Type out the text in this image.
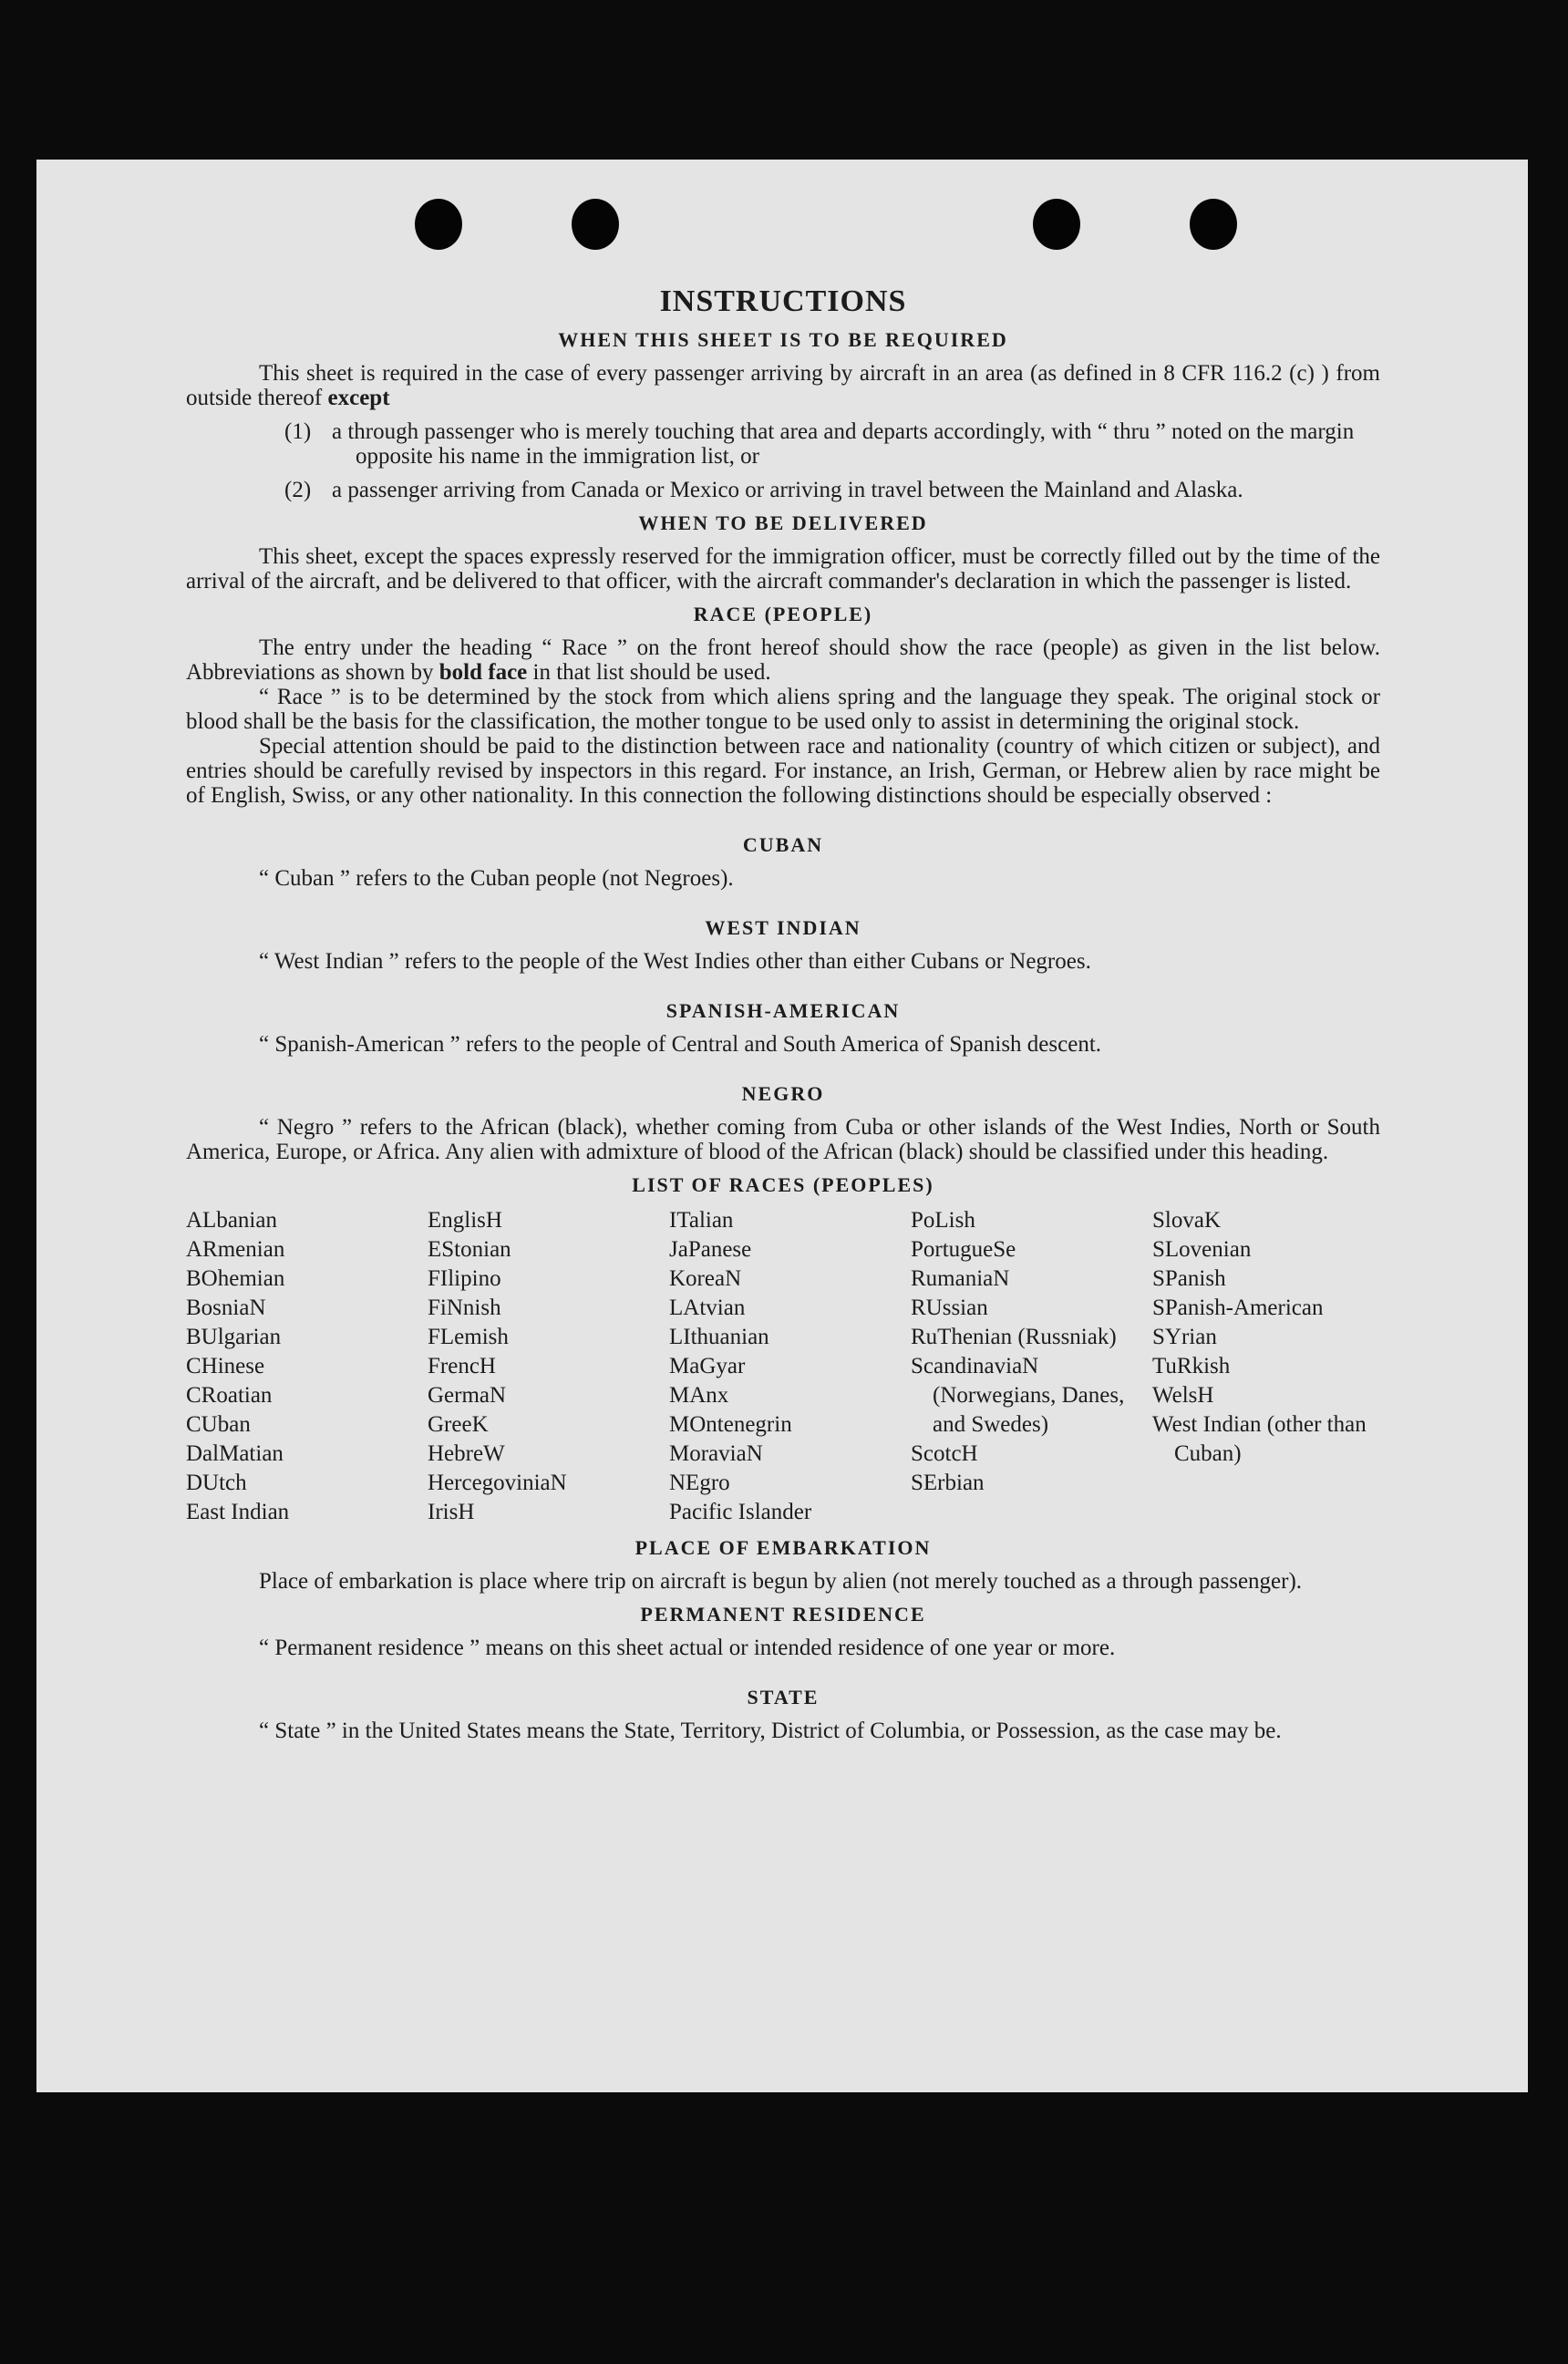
INSTRUCTIONS
WHEN THIS SHEET IS TO BE REQUIRED

This sheet is required in the case of every passenger arriving by aircraft in an area (as defined in 8 CFR 116.2 (c) ) from outside thereof except

(1) a through passenger who is merely touching that area and departs accordingly, with “ thru ” noted on the margin opposite his name in the immigration list, or
(2) a passenger arriving from Canada or Mexico or arriving in travel between the Mainland and Alaska.
WHEN TO BE DELIVERED

This sheet, except the spaces expressly reserved for the immigration officer, must be correctly filled out by the time of the arrival of the aircraft, and be delivered to that officer, with the aircraft commander's declaration in which the passenger is listed.

RACE (PEOPLE)

The entry under the heading “ Race ” on the front hereof should show the race (people) as given in the list below. Abbreviations as shown by bold face in that list should be used.

“ Race ” is to be determined by the stock from which aliens spring and the language they speak. The original stock or blood shall be the basis for the classification, the mother tongue to be used only to assist in determining the original stock.

Special attention should be paid to the distinction between race and nationality (country of which citizen or subject), and entries should be carefully revised by inspectors in this regard. For instance, an Irish, German, or Hebrew alien by race might be of English, Swiss, or any other nationality. In this connection the following distinctions should be especially observed :

CUBAN

“ Cuban ” refers to the Cuban people (not Negroes).

WEST INDIAN

“ West Indian ” refers to the people of the West Indies other than either Cubans or Negroes.

SPANISH-AMERICAN

“ Spanish-American ” refers to the people of Central and South America of Spanish descent.

NEGRO

“ Negro ” refers to the African (black), whether coming from Cuba or other islands of the West Indies, North or South America, Europe, or Africa. Any alien with admixture of blood of the African (black) should be classified under this heading.

LIST OF RACES (PEOPLES)
ALbanian
ARmenian
BOhemian
BosniaN
BUlgarian
CHinese
CRoatian
CUban
DalMatian
DUtch
East Indian
EnglisH
EStonian
FIlipino
FiNnish
FLemish
FrencH
GermaN
GreeK
HebreW
HercegoviniaN
IrisH
ITalian
JaPanese
KoreaN
LAtvian
LIthuanian
MaGyar
MAnx
MOntenegrin
MoraviaN
NEgro
Pacific Islander
PoLish
PortugueSe
RumaniaN
RUssian
RuThenian (Russniak)
ScandinaviaN (Norwegians, Danes, and Swedes)
ScotcH
SErbian
SlovaK
SLovenian
SPanish
SPanish-American
SYrian
TuRkish
WelsH
West Indian (other than Cuban)
PLACE OF EMBARKATION

Place of embarkation is place where trip on aircraft is begun by alien (not merely touched as a through passenger).

PERMANENT RESIDENCE

“ Permanent residence ” means on this sheet actual or intended residence of one year or more.

STATE

“ State ” in the United States means the State, Territory, District of Columbia, or Possession, as the case may be.
